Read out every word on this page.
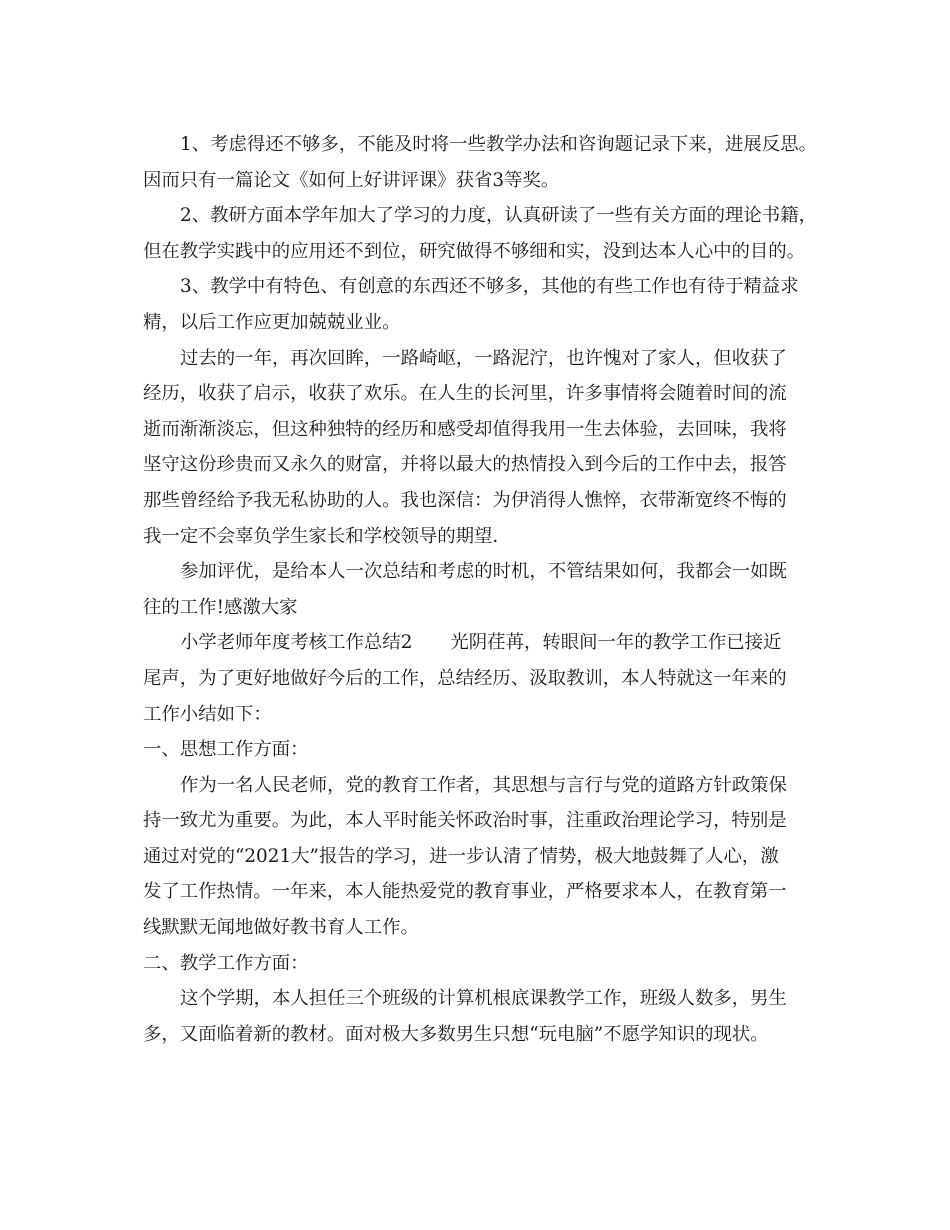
1、考虑得还不够多，不能及时将一些教学办法和咨询题记录下来，进展反思。
因而只有一篇论文《如何上好讲评课》获省3等奖。
2、教研方面本学年加大了学习的力度，认真研读了一些有关方面的理论书籍，
但在教学实践中的应用还不到位，研究做得不够细和实，没到达本人心中的目的。
3、教学中有特色、有创意的东西还不够多，其他的有些工作也有待于精益求
精，以后工作应更加兢兢业业。
过去的一年，再次回眸，一路崎岖，一路泥泞，也许愧对了家人，但收获了
经历，收获了启示，收获了欢乐。在人生的长河里，许多事情将会随着时间的流
逝而渐渐淡忘，但这种独特的经历和感受却值得我用一生去体验，去回味，我将
坚守这份珍贵而又永久的财富，并将以最大的热情投入到今后的工作中去，报答
那些曾经给予我无私协助的人。我也深信：为伊消得人憔悴，衣带渐宽终不悔的
我一定不会辜负学生家长和学校领导的期望.
参加评优，是给本人一次总结和考虑的时机，不管结果如何，我都会一如既
往的工作!感激大家
小学老师年度考核工作总结2 光阴荏苒，转眼间一年的教学工作已接近
尾声，为了更好地做好今后的工作，总结经历、汲取教训，本人特就这一年来的
工作小结如下：
一、思想工作方面：
作为一名人民老师，党的教育工作者，其思想与言行与党的道路方针政策保
持一致尤为重要。为此，本人平时能关怀政治时事，注重政治理论学习，特别是
通过对党的“2021大”报告的学习，进一步认清了情势，极大地鼓舞了人心，激
发了工作热情。一年来，本人能热爱党的教育事业，严格要求本人，在教育第一
线默默无闻地做好教书育人工作。
二、教学工作方面：
这个学期，本人担任三个班级的计算机根底课教学工作，班级人数多，男生
多，又面临着新的教材。面对极大多数男生只想“玩电脑”不愿学知识的现状。
